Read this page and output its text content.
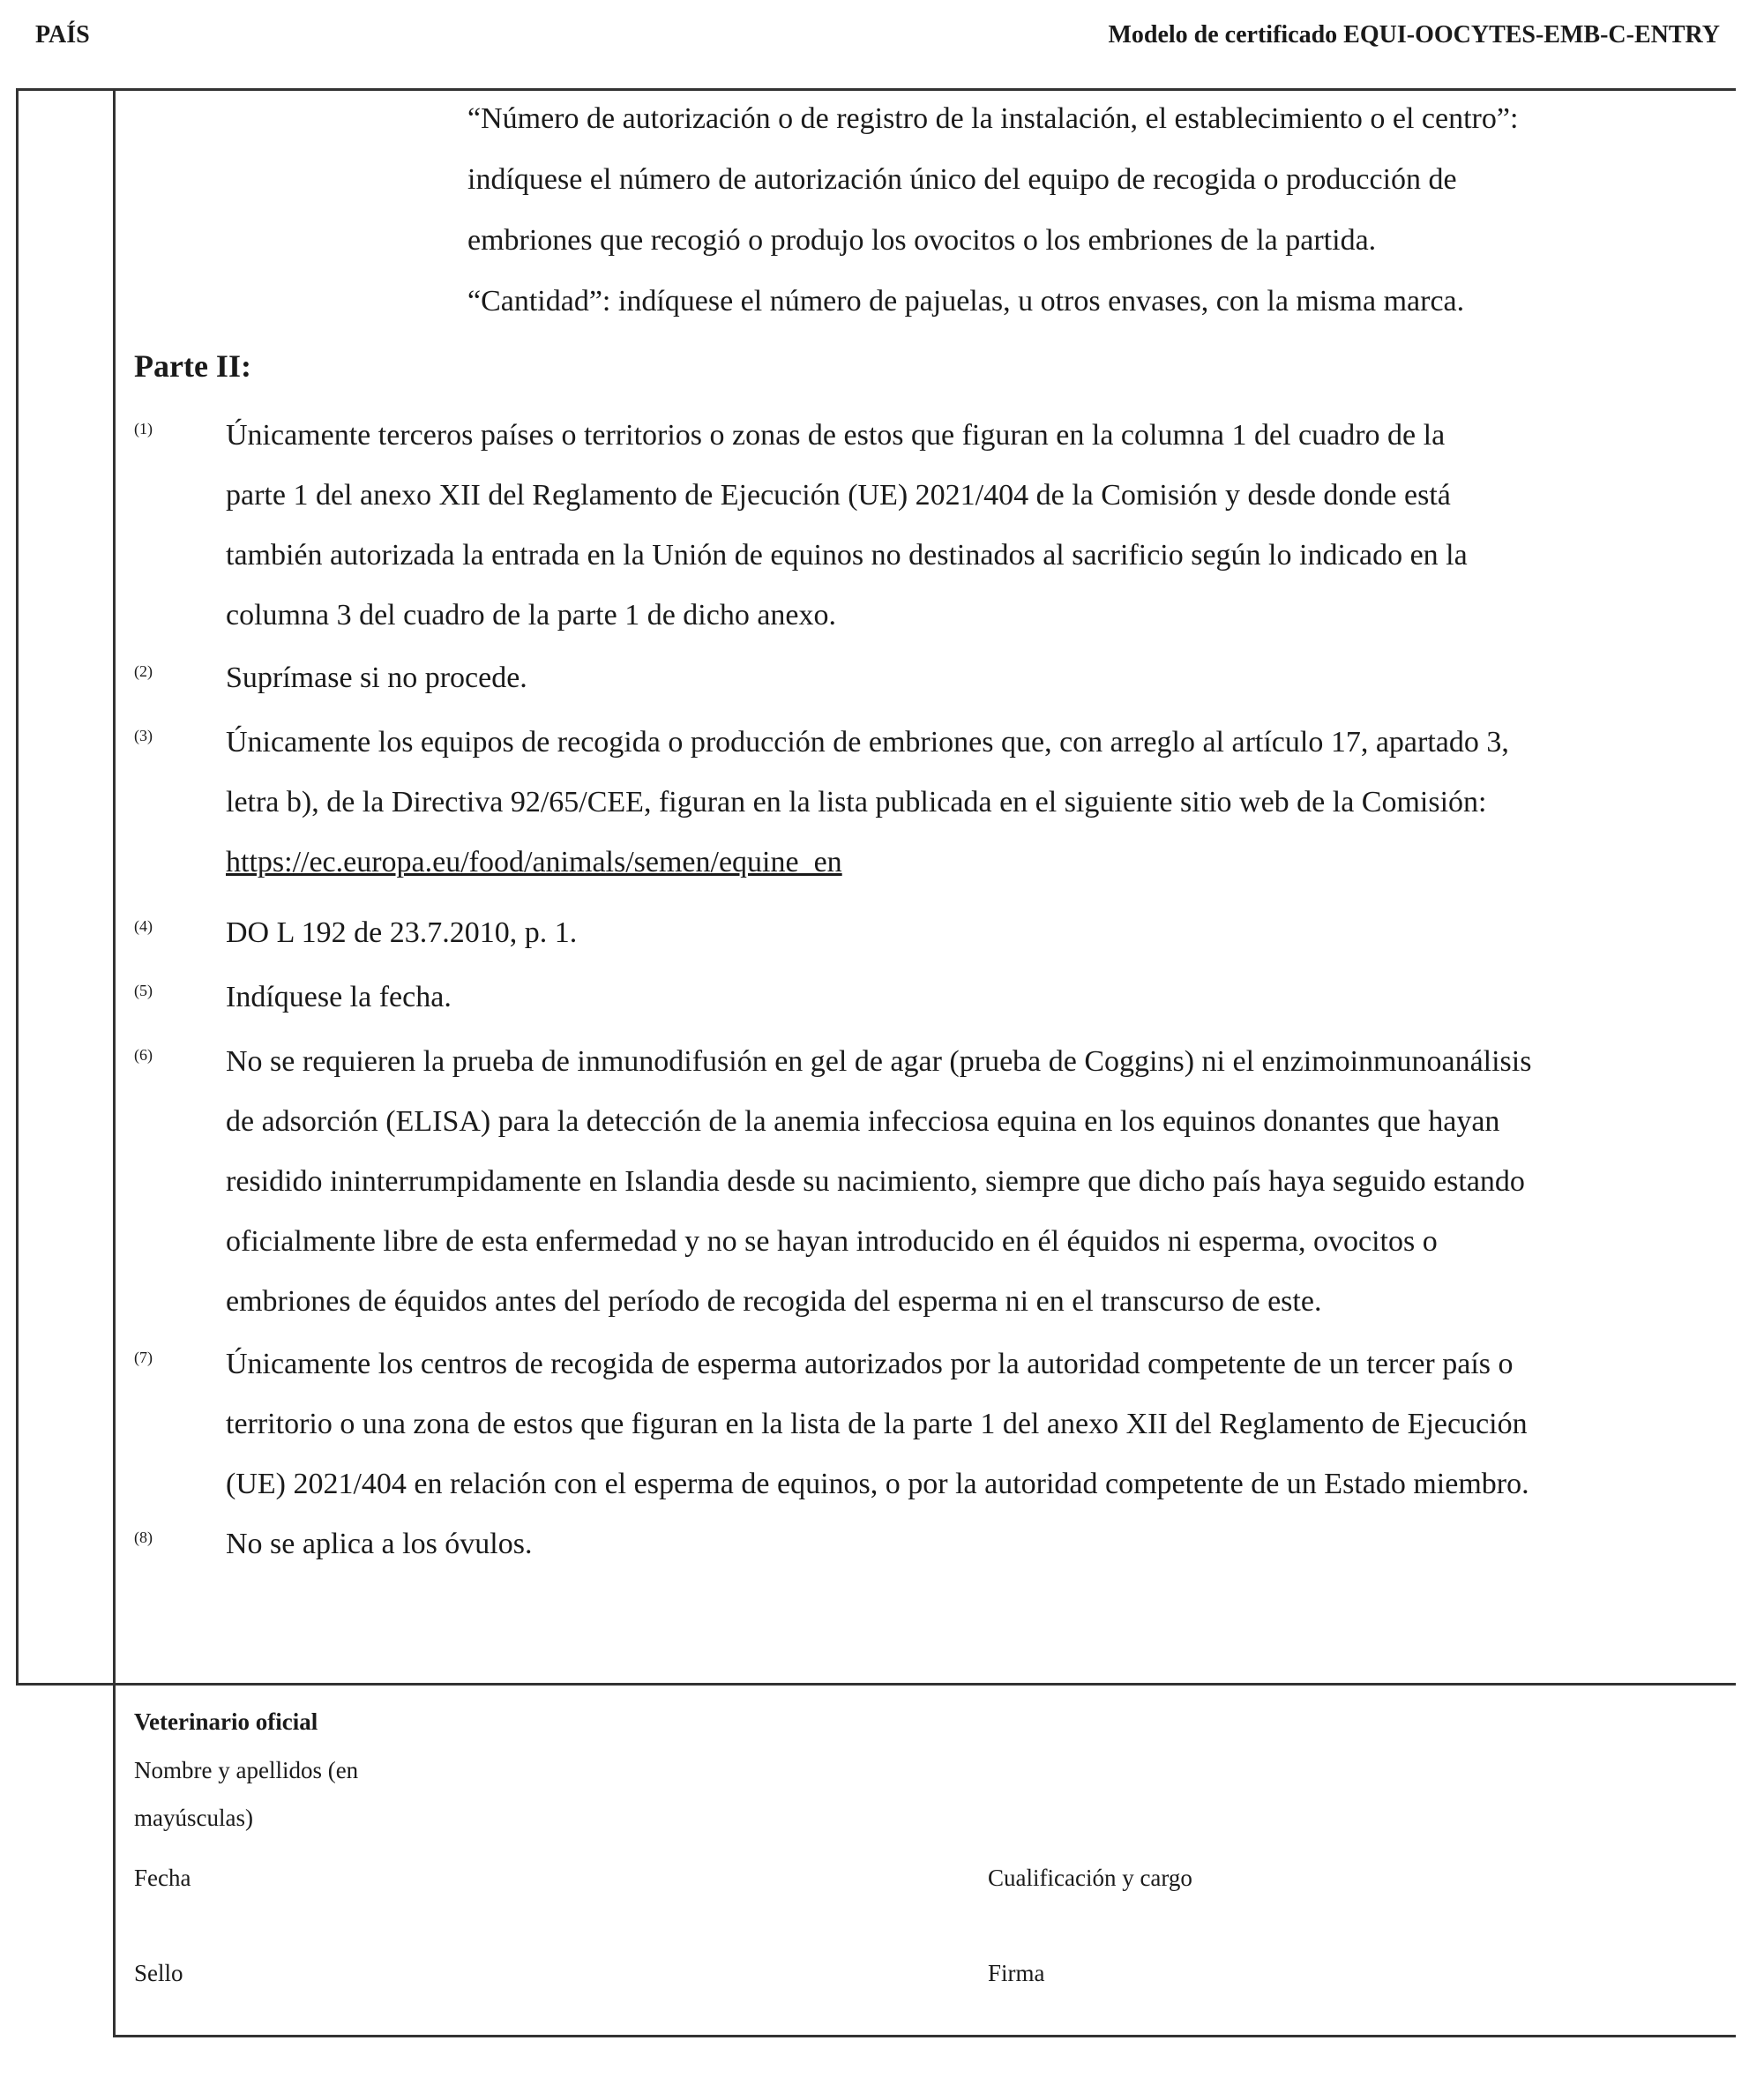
PAÍS	Modelo de certificado EQUI-OOCYTES-EMB-C-ENTRY
“Número de autorización o de registro de la instalación, el establecimiento o el centro”:
indíquese el número de autorización único del equipo de recogida o producción de
embriones que recogió o produjo los ovocitos o los embriones de la partida.
“Cantidad”: indíquese el número de pajuelas, u otros envases, con la misma marca.
Parte II:
(1) Únicamente terceros países o territorios o zonas de estos que figuran en la columna 1 del cuadro de la
parte 1 del anexo XII del Reglamento de Ejecución (UE) 2021/404 de la Comisión y desde donde está
también autorizada la entrada en la Unión de equinos no destinados al sacrificio según lo indicado en la
columna 3 del cuadro de la parte 1 de dicho anexo.
(2) Suprímase si no procede.
(3) Únicamente los equipos de recogida o producción de embriones que, con arreglo al artículo 17, apartado 3,
letra b), de la Directiva 92/65/CEE, figuran en la lista publicada en el siguiente sitio web de la Comisión:
https://ec.europa.eu/food/animals/semen/equine_en
(4) DO L 192 de 23.7.2010, p. 1.
(5) Indíquese la fecha.
(6) No se requieren la prueba de inmunodifusión en gel de agar (prueba de Coggins) ni el enzimoinmunoanálisis
de adsorción (ELISA) para la detección de la anemia infecciosa equina en los equinos donantes que hayan
residido ininterrumpidamente en Islandia desde su nacimiento, siempre que dicho país haya seguido estando
oficialmente libre de esta enfermedad y no se hayan introducido en él équidos ni esperma, ovocitos o
embriones de équidos antes del período de recogida del esperma ni en el transcurso de este.
(7) Únicamente los centros de recogida de esperma autorizados por la autoridad competente de un tercer país o
territorio o una zona de estos que figuran en la lista de la parte 1 del anexo XII del Reglamento de Ejecución
(UE) 2021/404 en relación con el esperma de equinos, o por la autoridad competente de un Estado miembro.
(8) No se aplica a los óvulos.
Veterinario oficial
Nombre y apellidos (en
mayúsculas)
Fecha	Cualificación y cargo
Sello	Firma
